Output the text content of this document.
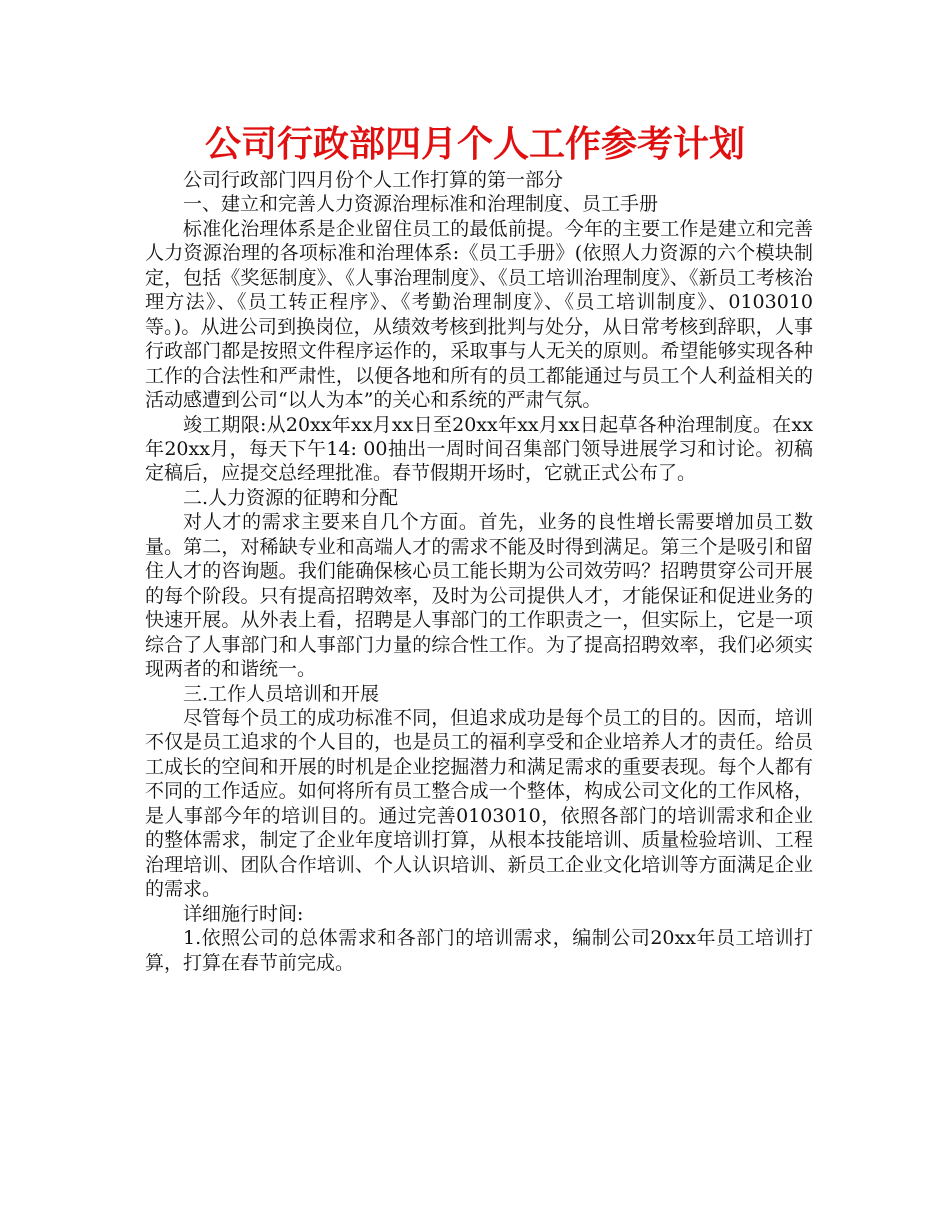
公司行政部四月个人工作参考计划

公司行政部门四月份个人工作打算的第一部分

一、建立和完善人力资源治理标准和治理制度、员工手册

标准化治理体系是企业留住员工的最低前提。今年的主要工作是建立和完善人力资源治理的各项标准和治理体系:《员工手册》(依照人力资源的六个模块制定，包括《奖惩制度》、《人事治理制度》、《员工培训治理制度》、《新员工考核治理方法》、《员工转正程序》、《考勤治理制度》、《员工培训制度》、0103010等。)。从进公司到换岗位，从绩效考核到批判与处分，从日常考核到辞职，人事行政部门都是按照文件程序运作的，采取事与人无关的原则。希望能够实现各种工作的合法性和严肃性，以便各地和所有的员工都能通过与员工个人利益相关的活动感遭到公司“以人为本”的关心和系统的严肃气氛。

竣工期限:从20xx年xx月xx日至20xx年xx月xx日起草各种治理制度。在xx年20xx月，每天下午14: 00抽出一周时间召集部门领导进展学习和讨论。初稿定稿后，应提交总经理批准。春节假期开场时，它就正式公布了。

二.人力资源的征聘和分配

对人才的需求主要来自几个方面。首先，业务的良性增长需要增加员工数量。第二，对稀缺专业和高端人才的需求不能及时得到满足。第三个是吸引和留住人才的咨询题。我们能确保核心员工能长期为公司效劳吗？招聘贯穿公司开展的每个阶段。只有提高招聘效率，及时为公司提供人才，才能保证和促进业务的快速开展。从外表上看，招聘是人事部门的工作职责之一，但实际上，它是一项综合了人事部门和人事部门力量的综合性工作。为了提高招聘效率，我们必须实现两者的和谐统一。

三.工作人员培训和开展

尽管每个员工的成功标准不同，但追求成功是每个员工的目的。因而，培训不仅是员工追求的个人目的，也是员工的福利享受和企业培养人才的责任。给员工成长的空间和开展的时机是企业挖掘潜力和满足需求的重要表现。每个人都有不同的工作适应。如何将所有员工整合成一个整体，构成公司文化的工作风格，是人事部今年的培训目的。通过完善0103010，依照各部门的培训需求和企业的整体需求，制定了企业年度培训打算，从根本技能培训、质量检验培训、工程治理培训、团队合作培训、个人认识培训、新员工企业文化培训等方面满足企业的需求。

详细施行时间:

1.依照公司的总体需求和各部门的培训需求，编制公司20xx年员工培训打算，打算在春节前完成。
